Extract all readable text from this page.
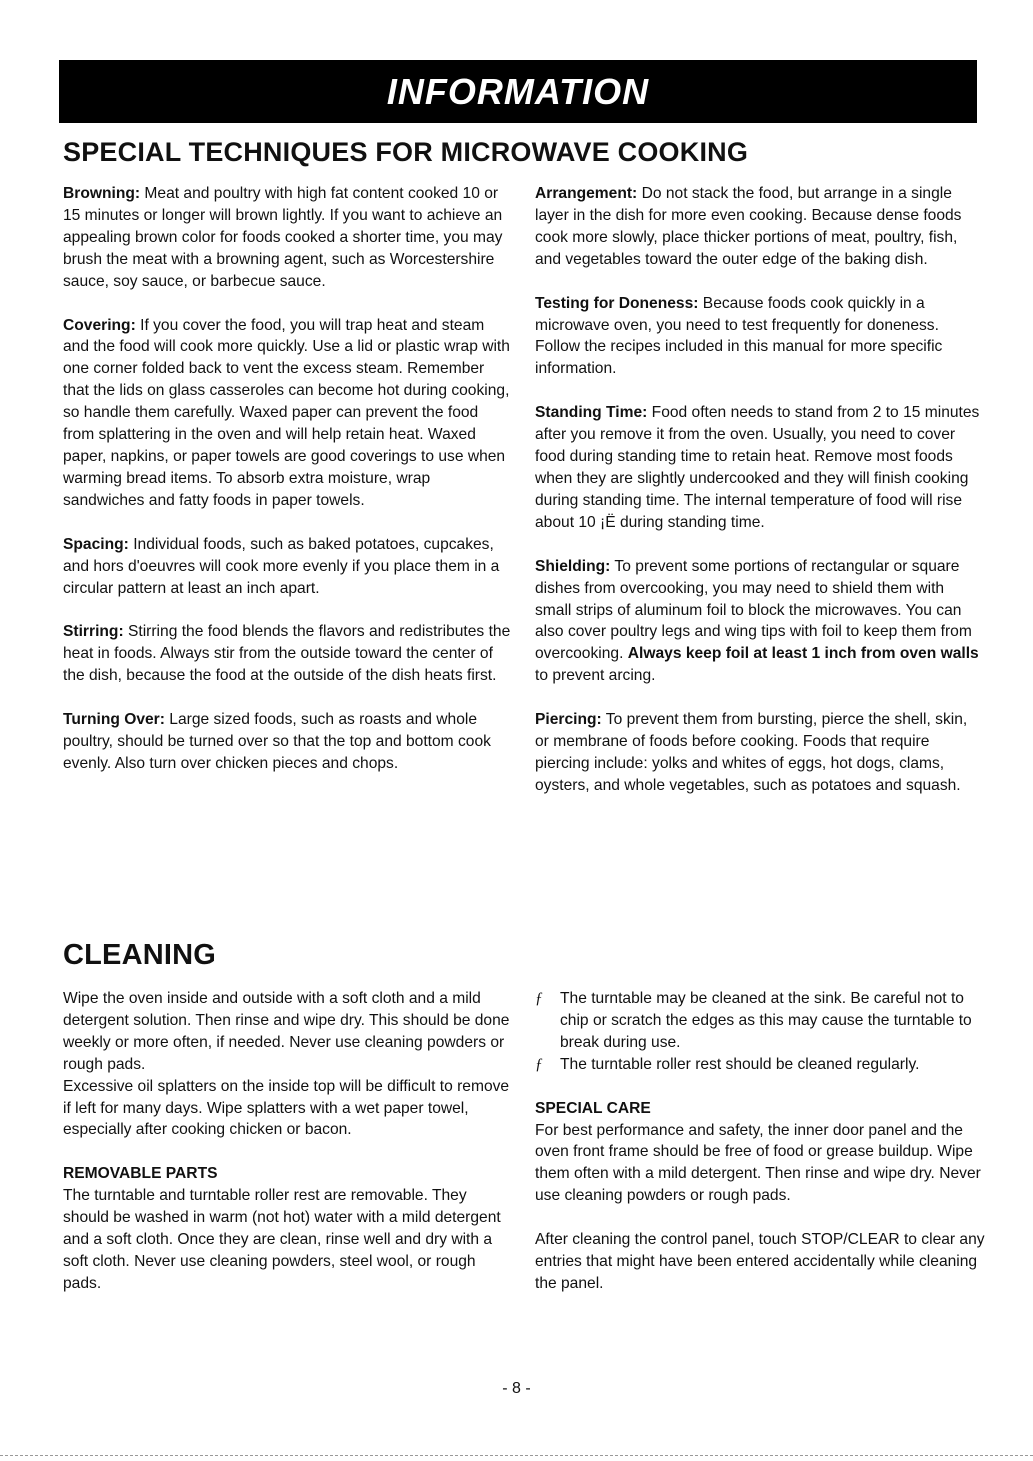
INFORMATION
SPECIAL TECHNIQUES FOR MICROWAVE COOKING

Browning: Meat and poultry with high fat content cooked 10 or 15 minutes or longer will brown lightly. If you want to achieve an appealing brown color for foods cooked a shorter time, you may brush the meat with a browning agent, such as Worcestershire sauce, soy sauce, or barbecue sauce.

Covering: If you cover the food, you will trap heat and steam and the food will cook more quickly. Use a lid or plastic wrap with one corner folded back to vent the excess steam. Remember that the lids on glass casseroles can become hot during cooking, so handle them carefully. Waxed paper can prevent the food from splattering in the oven and will help retain heat. Waxed paper, napkins, or paper towels are good coverings to use when warming bread items. To absorb extra moisture, wrap sandwiches and fatty foods in paper towels.

Spacing: Individual foods, such as baked potatoes, cupcakes, and hors d'oeuvres will cook more evenly if you place them in a circular pattern at least an inch apart.

Stirring: Stirring the food blends the flavors and redistributes the heat in foods. Always stir from the outside toward the center of the dish, because the food at the outside of the dish heats first.

Turning Over: Large sized foods, such as roasts and whole poultry, should be turned over so that the top and bottom cook evenly. Also turn over chicken pieces and chops.

Arrangement: Do not stack the food, but arrange in a single layer in the dish for more even cooking. Because dense foods cook more slowly, place thicker portions of meat, poultry, fish, and vegetables toward the outer edge of the baking dish.

Testing for Doneness: Because foods cook quickly in a microwave oven, you need to test frequently for doneness. Follow the recipes included in this manual for more specific information.

Standing Time: Food often needs to stand from 2 to 15 minutes after you remove it from the oven. Usually, you need to cover food during standing time to retain heat. Remove most foods when they are slightly undercooked and they will finish cooking during standing time. The internal temperature of food will rise about 10 ¡Ë during standing time.

Shielding: To prevent some portions of rectangular or square dishes from overcooking, you may need to shield them with small strips of aluminum foil to block the microwaves. You can also cover poultry legs and wing tips with foil to keep them from overcooking. Always keep foil at least 1 inch from oven walls to prevent arcing.

Piercing: To prevent them from bursting, pierce the shell, skin, or membrane of foods before cooking. Foods that require piercing include: yolks and whites of eggs, hot dogs, clams, oysters, and whole vegetables, such as potatoes and squash.

CLEANING

Wipe the oven inside and outside with a soft cloth and a mild detergent solution. Then rinse and wipe dry. This should be done weekly or more often, if needed. Never use cleaning powders or rough pads.

Excessive oil splatters on the inside top will be difficult to remove if left for many days. Wipe splatters with a wet paper towel, especially after cooking chicken or bacon.

REMOVABLE PARTS

The turntable and turntable roller rest are removable. They should be washed in warm (not hot) water with a mild detergent and a soft cloth. Once they are clean, rinse well and dry with a soft cloth. Never use cleaning powders, steel wool, or rough pads.

ƒ	The turntable may be cleaned at the sink. Be careful not to chip or scratch the edges as this may cause the turntable to break during use.
ƒ	The turntable roller rest should be cleaned regularly.
SPECIAL CARE

For best performance and safety, the inner door panel and the oven front frame should be free of food or grease buildup. Wipe them often with a mild detergent. Then rinse and wipe dry. Never use cleaning powders or rough pads.

After cleaning the control panel, touch STOP/CLEAR to clear any entries that might have been entered accidentally while cleaning the panel.

- 8 -
